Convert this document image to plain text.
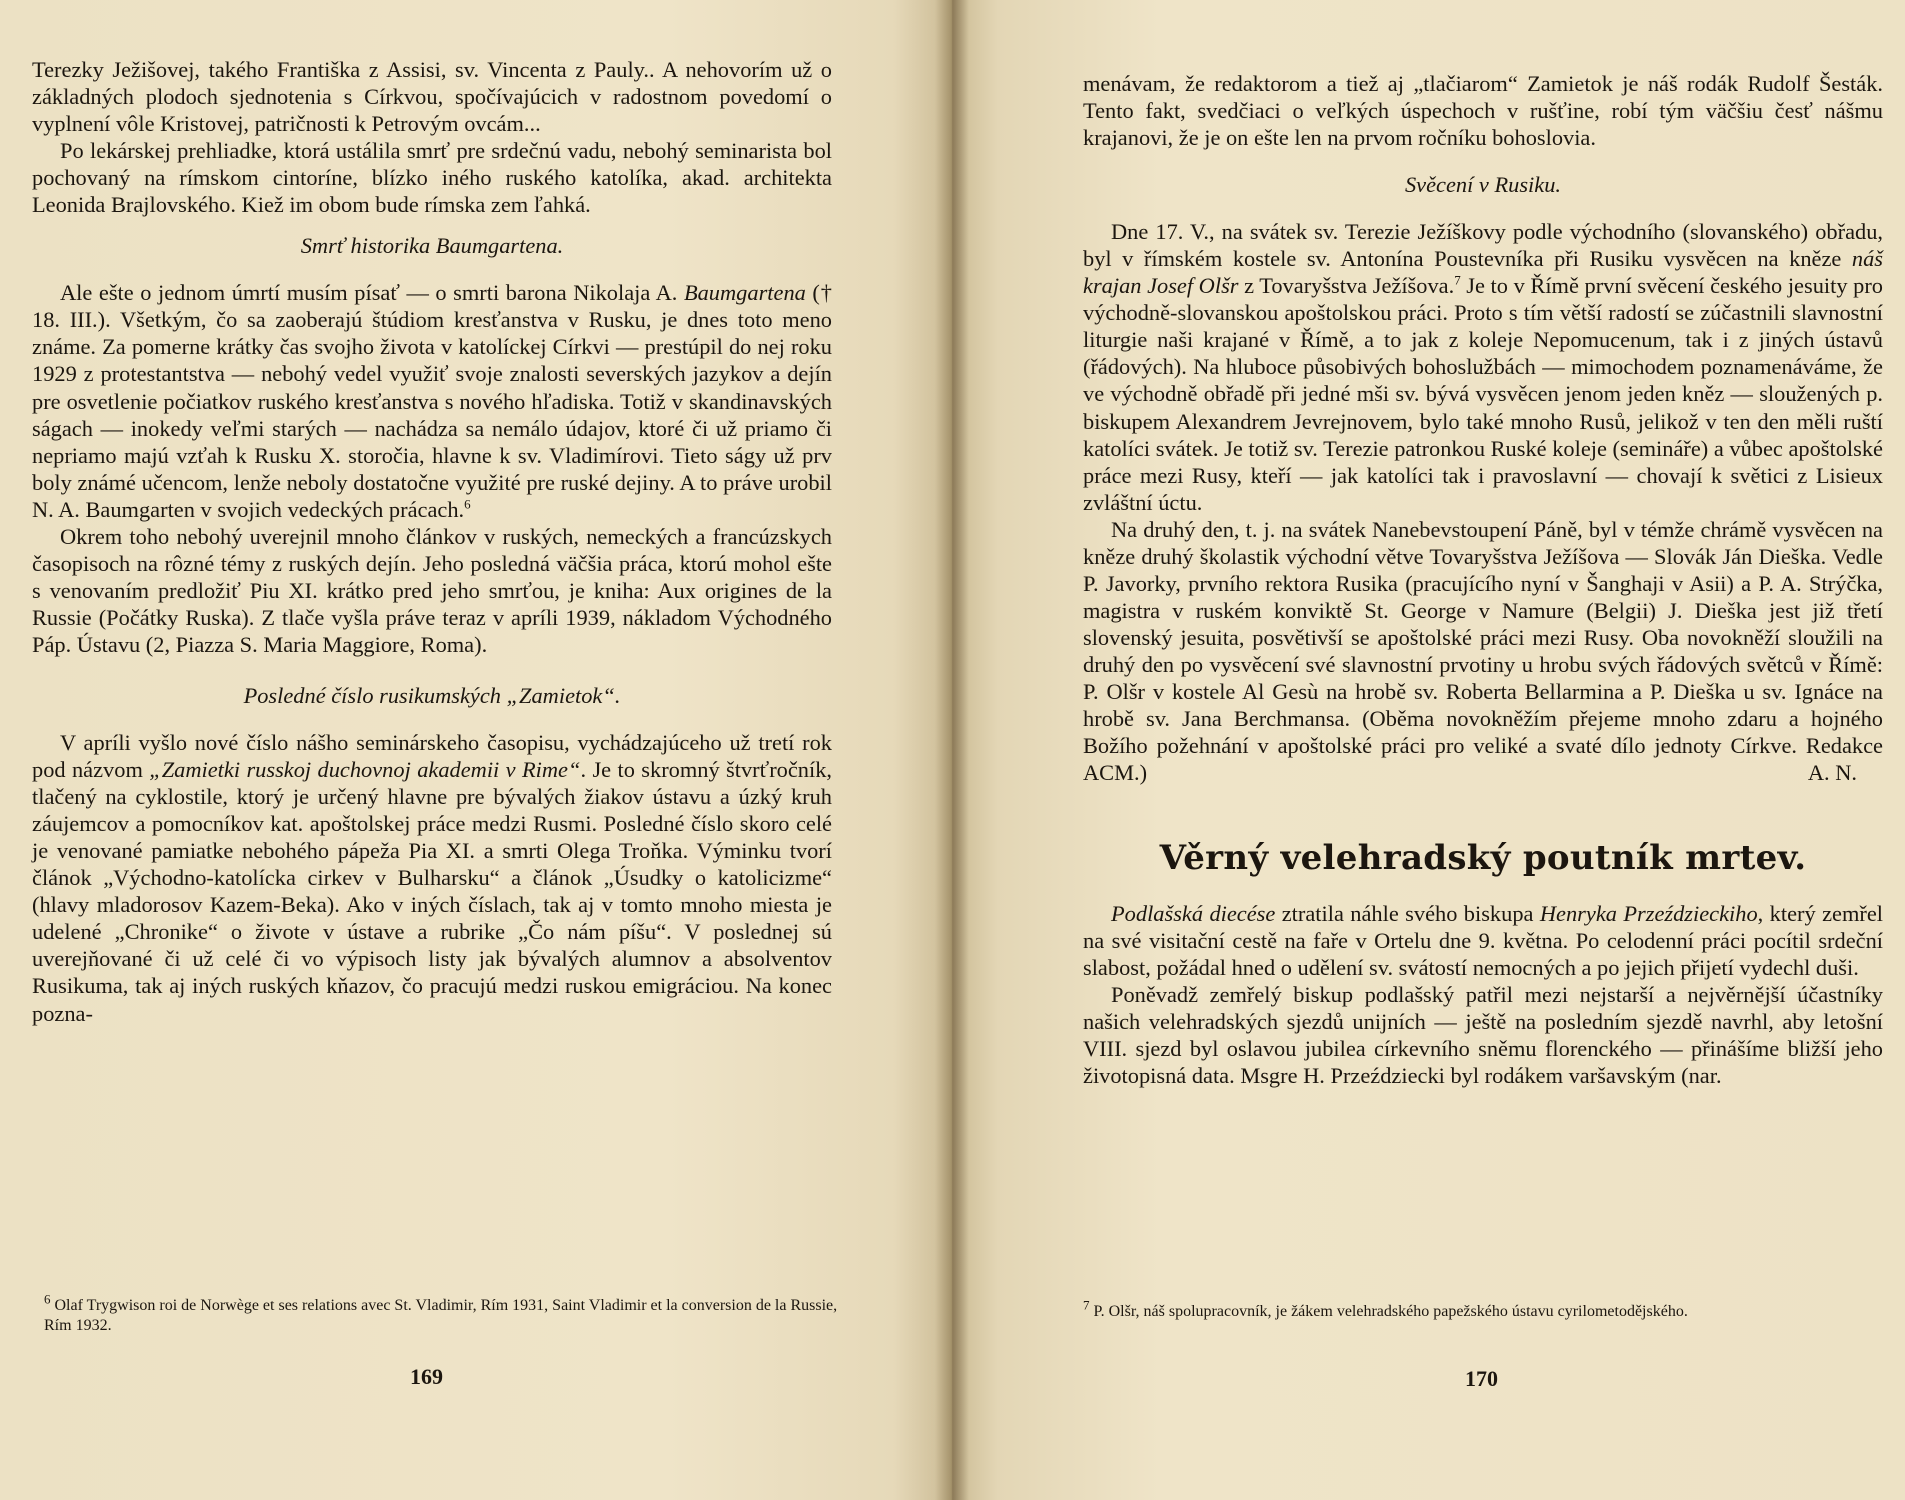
Terezky Ježišovej, takého Františka z Assisi, sv. Vincenta z Pauly.. A nehovorím už o základných plodoch sjednotenia s Církvou, spočívajúcich v radostnom povedomí o vyplnení vôle Kristovej, patričnosti k Petrovým ovcám...

Po lekárskej prehliadke, ktorá ustálila smrť pre srdečnú vadu, nebohý seminarista bol pochovaný na rímskom cintoríne, blízko iného ruského katolíka, akad. architekta Leonida Brajlovského. Kiež im obom bude rímska zem ľahká.

Smrť historika Baumgartena.

Ale ešte o jednom úmrtí musím písať — o smrti barona Nikolaja A. Baumgartena († 18. III.). Všetkým, čo sa zaoberajú štúdiom kresťanstva v Rusku, je dnes toto meno známe. Za pomerne krátky čas svojho života v katolíckej Církvi — prestúpil do nej roku 1929 z protestantstva — nebohý vedel využiť svoje znalosti severských jazykov a dejín pre osvetlenie počiatkov ruského kresťanstva s nového hľadiska. Totiž v skandinavských ságach — inokedy veľmi starých — nachádza sa nemálo údajov, ktoré či už priamo či nepriamo majú vzťah k Rusku X. storočia, hlavne k sv. Vladimírovi. Tieto ságy už prv boly známé učencom, lenže neboly dostatočne využité pre ruské dejiny. A to práve urobil N. A. Baumgarten v svojich vedeckých prácach.$^6$

Okrem toho nebohý uverejnil mnoho článkov v ruských, nemeckých a francúzskych časopisoch na rôzné témy z ruských dejín. Jeho posledná väčšia práca, ktorú mohol ešte s venovaním predložiť Piu XI. krátko pred jeho smrťou, je kniha: Aux origines de la Russie (Počátky Ruska). Z tlače vyšla práve teraz v apríli 1939, nákladom Východného Páp. Ústavu (2, Piazza S. Maria Maggiore, Roma).

Posledné číslo rusikumských „Zamietok“.

V apríli vyšlo nové číslo nášho seminárskeho časopisu, vychádzajúceho už tretí rok pod názvom „Zamietki russkoj duchovnoj akademii v Rime“. Je to skromný štvrťročník, tlačený na cyklostile, ktorý je určený hlavne pre bývalých žiakov ústavu a úzký kruh záujemcov a pomocníkov kat. apoštolskej práce medzi Rusmi. Posledné číslo skoro celé je venované pamiatke nebohého pápeža Pia XI. a smrti Olega Troňka. Výminku tvorí článok „Východno-katolícka cirkev v Bulharsku“ a článok „Úsudky o katolicizme“ (hlavy mladorosov Kazem-Beka). Ako v iných číslach, tak aj v tomto mnoho miesta je udelené „Chronike“ o živote v ústave a rubrike „Čo nám píšu“. V poslednej sú uverejňované či už celé či vo výpisoch listy jak bývalých alumnov a absolventov Rusikuma, tak aj iných ruských kňazov, čo pracujú medzi ruskou emigráciou. Na konec pozna-

$^6$ Olaf Trygwison roi de Norwège et ses relations avec St. Vladimir, Rím 1931, Saint Vladimir et la conversion de la Russie, Rím 1932.

169

menávam, že redaktorom a tiež aj „tlačiarom“ Zamietok je náš rodák Rudolf Šesták. Tento fakt, svedčiaci o veľkých úspechoch v rušťine, robí tým väčšiu česť nášmu krajanovi, že je on ešte len na prvom ročníku bohoslovia.

Svěcení v Rusiku.

Dne 17. V., na svátek sv. Terezie Ježíškovy podle východního (slovanského) obřadu, byl v římském kostele sv. Antonína Poustevníka při Rusiku vysvěcen na kněze náš krajan Josef Olšr z Tovaryšstva Ježíšova.$^7$ Je to v Římě první svěcení českého jesuity pro východně-slovanskou apoštolskou práci. Proto s tím větší radostí se zúčastnili slavnostní liturgie naši krajané v Římě, a to jak z koleje Nepomucenum, tak i z jiných ústavů (řádových). Na hluboce působivých bohoslužbách — mimochodem poznamenáváme, že ve východně obřadě při jedné mši sv. bývá vysvěcen jenom jeden kněz — sloužených p. biskupem Alexandrem Jevrejnovem, bylo také mnoho Rusů, jelikož v ten den měli ruští katolíci svátek. Je totiž sv. Terezie patronkou Ruské koleje (semináře) a vůbec apoštolské práce mezi Rusy, kteří — jak katolíci tak i pravoslavní — chovají k světici z Lisieux zvláštní úctu.

Na druhý den, t. j. na svátek Nanebevstoupení Páně, byl v témže chrámě vysvěcen na kněze druhý školastik východní větve Tovaryšstva Ježíšova — Slovák Ján Dieška. Vedle P. Javorky, prvního rektora Rusika (pracujícího nyní v Šanghaji v Asii) a P. A. Strýčka, magistra v ruském konviktě St. George v Namure (Belgii) J. Dieška jest již třetí slovenský jesuita, posvětivší se apoštolské práci mezi Rusy. Oba novokněží sloužili na druhý den po vysvěcení své slavnostní prvotiny u hrobu svých řádových světců v Římě: P. Olšr v kostele Al Gesù na hrobě sv. Roberta Bellarmina a P. Dieška u sv. Ignáce na hrobě sv. Jana Berchmansa. (Oběma novokněžím přejeme mnoho zdaru a hojného Božího požehnání v apoštolské práci pro veliké a svaté dílo jednoty Církve. Redakce ACM.)	A. N.

Věrný velehradský poutník mrtev.

Podlašská diecése ztratila náhle svého biskupa Henryka Przeździeckiho, který zemřel na své visitační cestě na faře v Ortelu dne 9. května. Po celodenní práci pocítil srdeční slabost, požádal hned o udělení sv. svátostí nemocných a po jejich přijetí vydechl duši.

Poněvadž zemřelý biskup podlašský patřil mezi nejstarší a nejvěrnější účastníky našich velehradských sjezdů unijních — ještě na posledním sjezdě navrhl, aby letošní VIII. sjezd byl oslavou jubilea církevního sněmu florenckého — přinášíme bližší jeho životopisná data. Msgre H. Przeździecki byl rodákem varšavským (nar.

$^7$ P. Olšr, náš spolupracovník, je žákem velehradského papežského ústavu cyrilometodějského.

170
